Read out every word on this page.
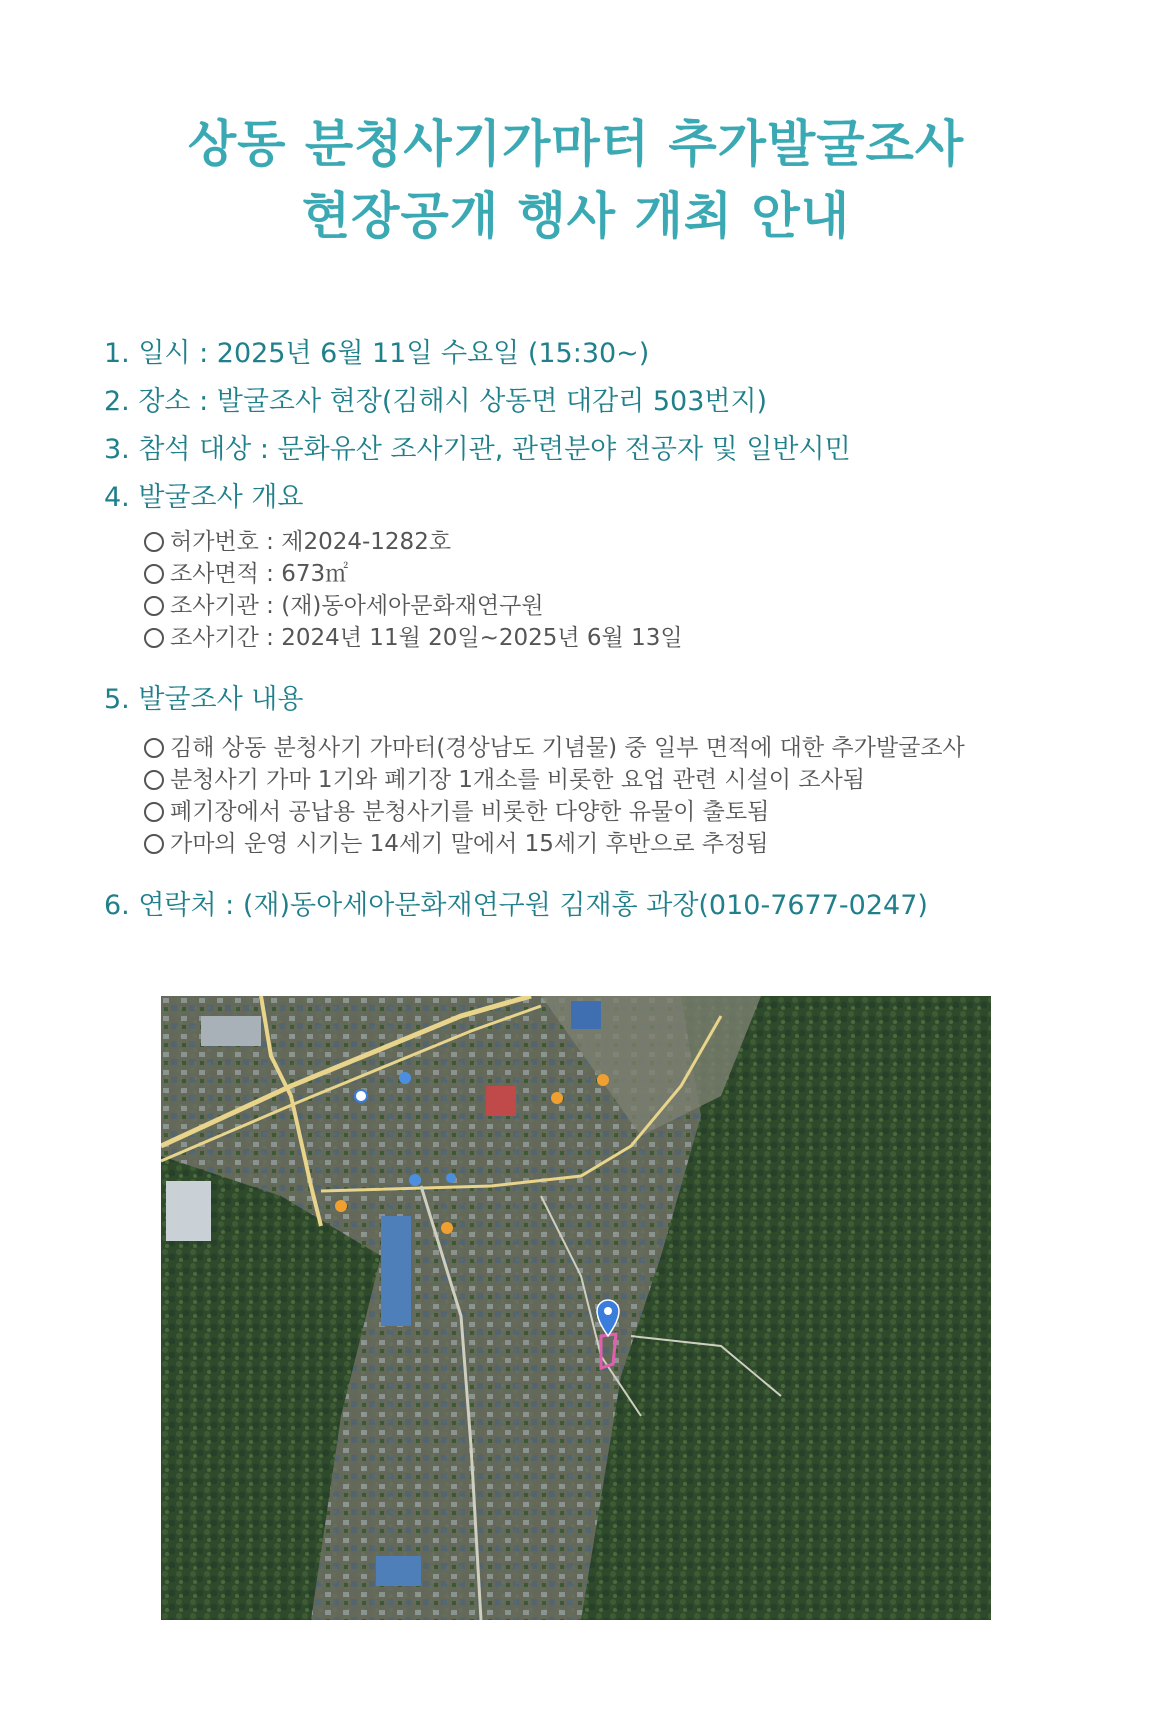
상동 분청사기가마터 추가발굴조사
현장공개 행사 개최 안내
1. 일시 : 2025년 6월 11일 수요일 (15:30~)
2. 장소 : 발굴조사 현장(김해시 상동면 대감리 503번지)
3. 참석 대상 : 문화유산 조사기관, 관련분야 전공자 및 일반시민
4. 발굴조사 개요
허가번호 : 제2024-1282호
조사면적 : 673㎡
조사기관 : (재)동아세아문화재연구원
조사기간 : 2024년 11월 20일~2025년 6월 13일
5. 발굴조사 내용
김해 상동 분청사기 가마터(경상남도 기념물) 중 일부 면적에 대한 추가발굴조사
분청사기 가마 1기와 폐기장 1개소를 비롯한 요업 관련 시설이 조사됨
폐기장에서 공납용 분청사기를 비롯한 다양한 유물이 출토됨
가마의 운영 시기는 14세기 말에서 15세기 후반으로 추정됨
6. 연락처 : (재)동아세아문화재연구원 김재홍 과장(010-7677-0247)
